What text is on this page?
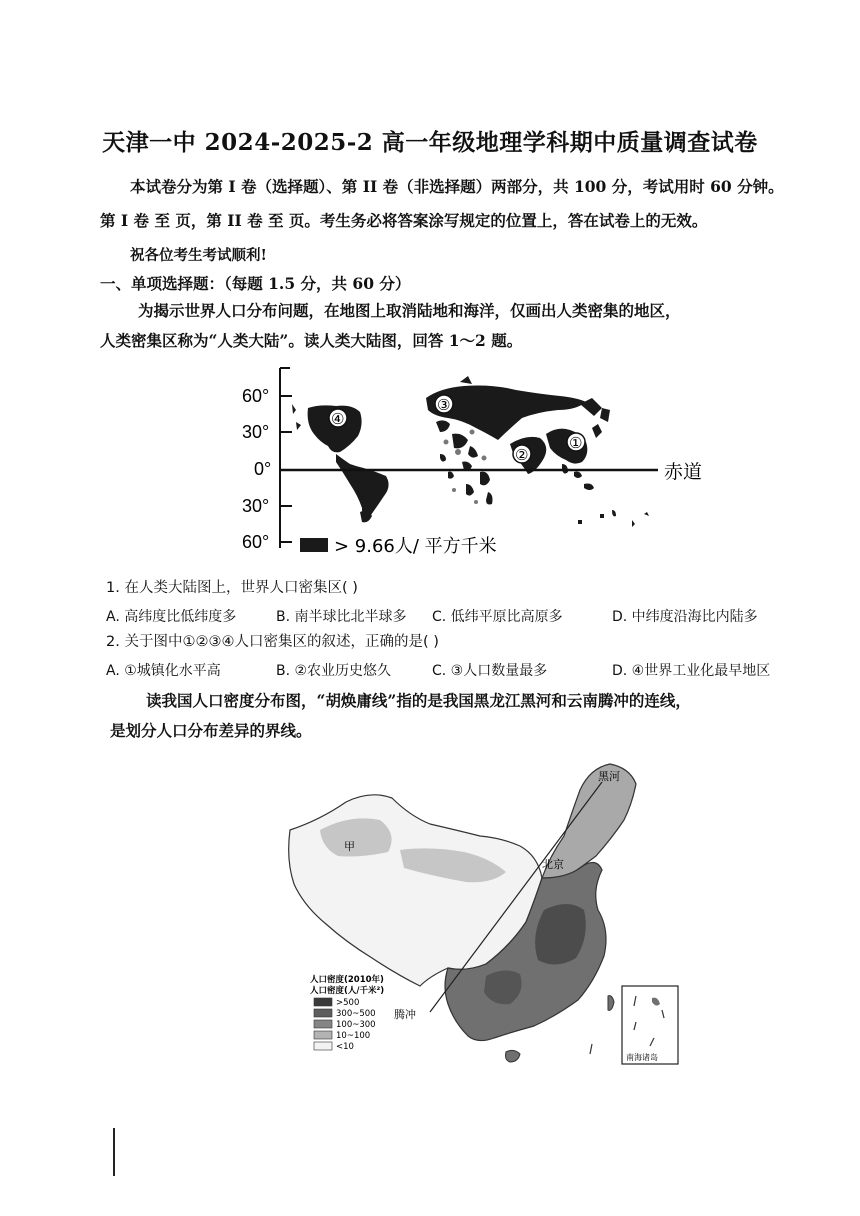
天津一中 2024-2025-2 高一年级地理学科期中质量调查试卷
本试卷分为第 I 卷（选择题）、第 II 卷（非选择题）两部分，共 100 分，考试用时 60 分钟。
第 I 卷 至 页，第 II 卷 至 页。考生务必将答案涂写规定的位置上，答在试卷上的无效。
祝各位考生考试顺利!
一、单项选择题：（每题 1.5 分，共 60 分）
为揭示世界人口分布问题，在地图上取消陆地和海洋，仅画出人类密集的地区，
人类密集区称为“人类大陆”。读人类大陆图，回答 1～2 题。
60°
30°
0°
30°
60°
赤道
④
③
②
①
> 9.66人/ 平方千米
1. 在人类大陆图上，世界人口密集区( )
A. 高纬度比低纬度多	B. 南半球比北半球多 C. 低纬平原比高原多	D. 中纬度沿海比内陆多
2. 关于图中①②③④人口密集区的叙述，正确的是( )
A. ①城镇化水平高	B. ②农业历史悠久	C. ③人口数量最多	D. ④世界工业化最早地区
读我国人口密度分布图，“胡焕庸线”指的是我国黑龙江黑河和云南腾冲的连线，
是划分人口分布差异的界线。
黑河
北京
甲
腾冲
人口密度(2010年)
人口密度(人/千米²)
>500
300~500
100~300
10~100
<10
南海诸岛
